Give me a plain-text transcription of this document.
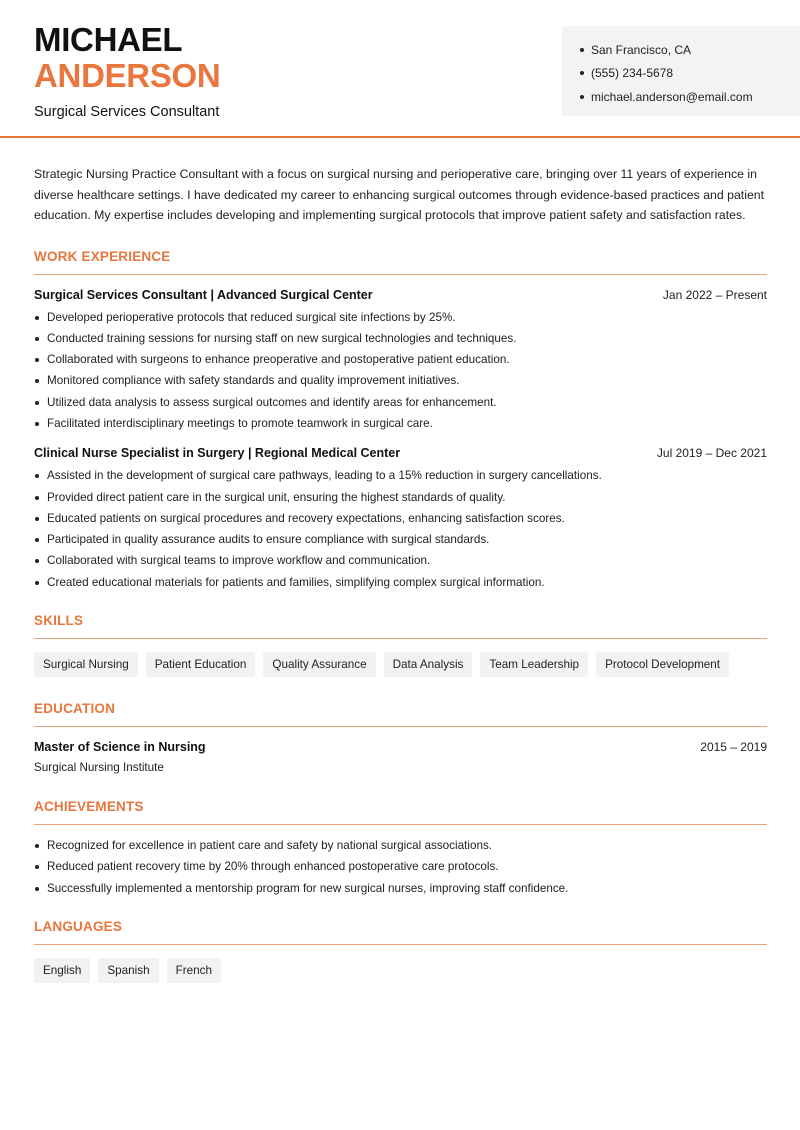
MICHAEL
ANDERSON
Surgical Services Consultant
San Francisco, CA
(555) 234-5678
michael.anderson@email.com

Strategic Nursing Practice Consultant with a focus on surgical nursing and perioperative care, bringing over 11 years of experience in diverse healthcare settings. I have dedicated my career to enhancing surgical outcomes through evidence-based practices and patient education. My expertise includes developing and implementing surgical protocols that improve patient safety and satisfaction rates.

WORK EXPERIENCE
Surgical Services Consultant | Advanced Surgical Center	Jan 2022 – Present
Developed perioperative protocols that reduced surgical site infections by 25%.
Conducted training sessions for nursing staff on new surgical technologies and techniques.
Collaborated with surgeons to enhance preoperative and postoperative patient education.
Monitored compliance with safety standards and quality improvement initiatives.
Utilized data analysis to assess surgical outcomes and identify areas for enhancement.
Facilitated interdisciplinary meetings to promote teamwork in surgical care.
Clinical Nurse Specialist in Surgery | Regional Medical Center	Jul 2019 – Dec 2021
Assisted in the development of surgical care pathways, leading to a 15% reduction in surgery cancellations.
Provided direct patient care in the surgical unit, ensuring the highest standards of quality.
Educated patients on surgical procedures and recovery expectations, enhancing satisfaction scores.
Participated in quality assurance audits to ensure compliance with surgical standards.
Collaborated with surgical teams to improve workflow and communication.
Created educational materials for patients and families, simplifying complex surgical information.
SKILLS
Surgical Nursing	Patient Education	Quality Assurance	Data Analysis	Team Leadership	Protocol Development
EDUCATION
Master of Science in Nursing	2015 – 2019
Surgical Nursing Institute
ACHIEVEMENTS
Recognized for excellence in patient care and safety by national surgical associations.
Reduced patient recovery time by 20% through enhanced postoperative care protocols.
Successfully implemented a mentorship program for new surgical nurses, improving staff confidence.
LANGUAGES
English	Spanish	French
